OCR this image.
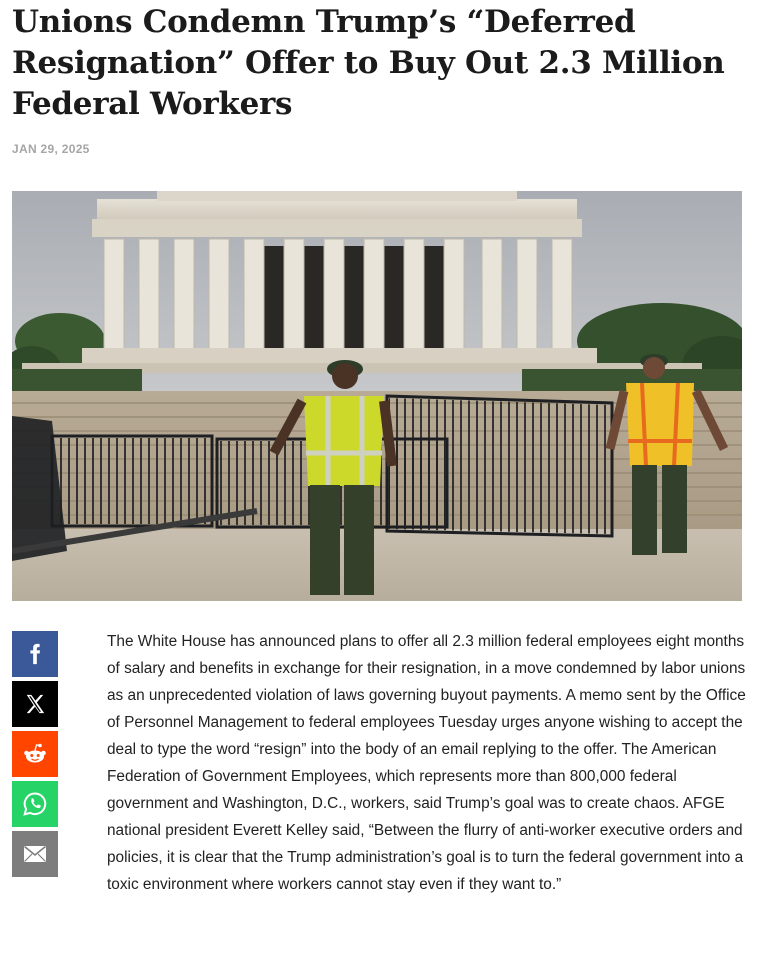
Unions Condemn Trump’s “Deferred Resignation” Offer to Buy Out 2.3 Million Federal Workers
JAN 29, 2025

The White House has announced plans to offer all 2.3 million federal employees eight months of salary and benefits in exchange for their resignation, in a move condemned by labor unions as an unprecedented violation of laws governing buyout payments. A memo sent by the Office of Personnel Management to federal employees Tuesday urges anyone wishing to accept the deal to type the word “resign” into the body of an email replying to the offer. The American Federation of Government Employees, which represents more than 800,000 federal government and Washington, D.C., workers, said Trump’s goal was to create chaos. AFGE national president Everett Kelley said, “Between the flurry of anti-worker executive orders and policies, it is clear that the Trump administration’s goal is to turn the federal government into a toxic environment where workers cannot stay even if they want to.”
